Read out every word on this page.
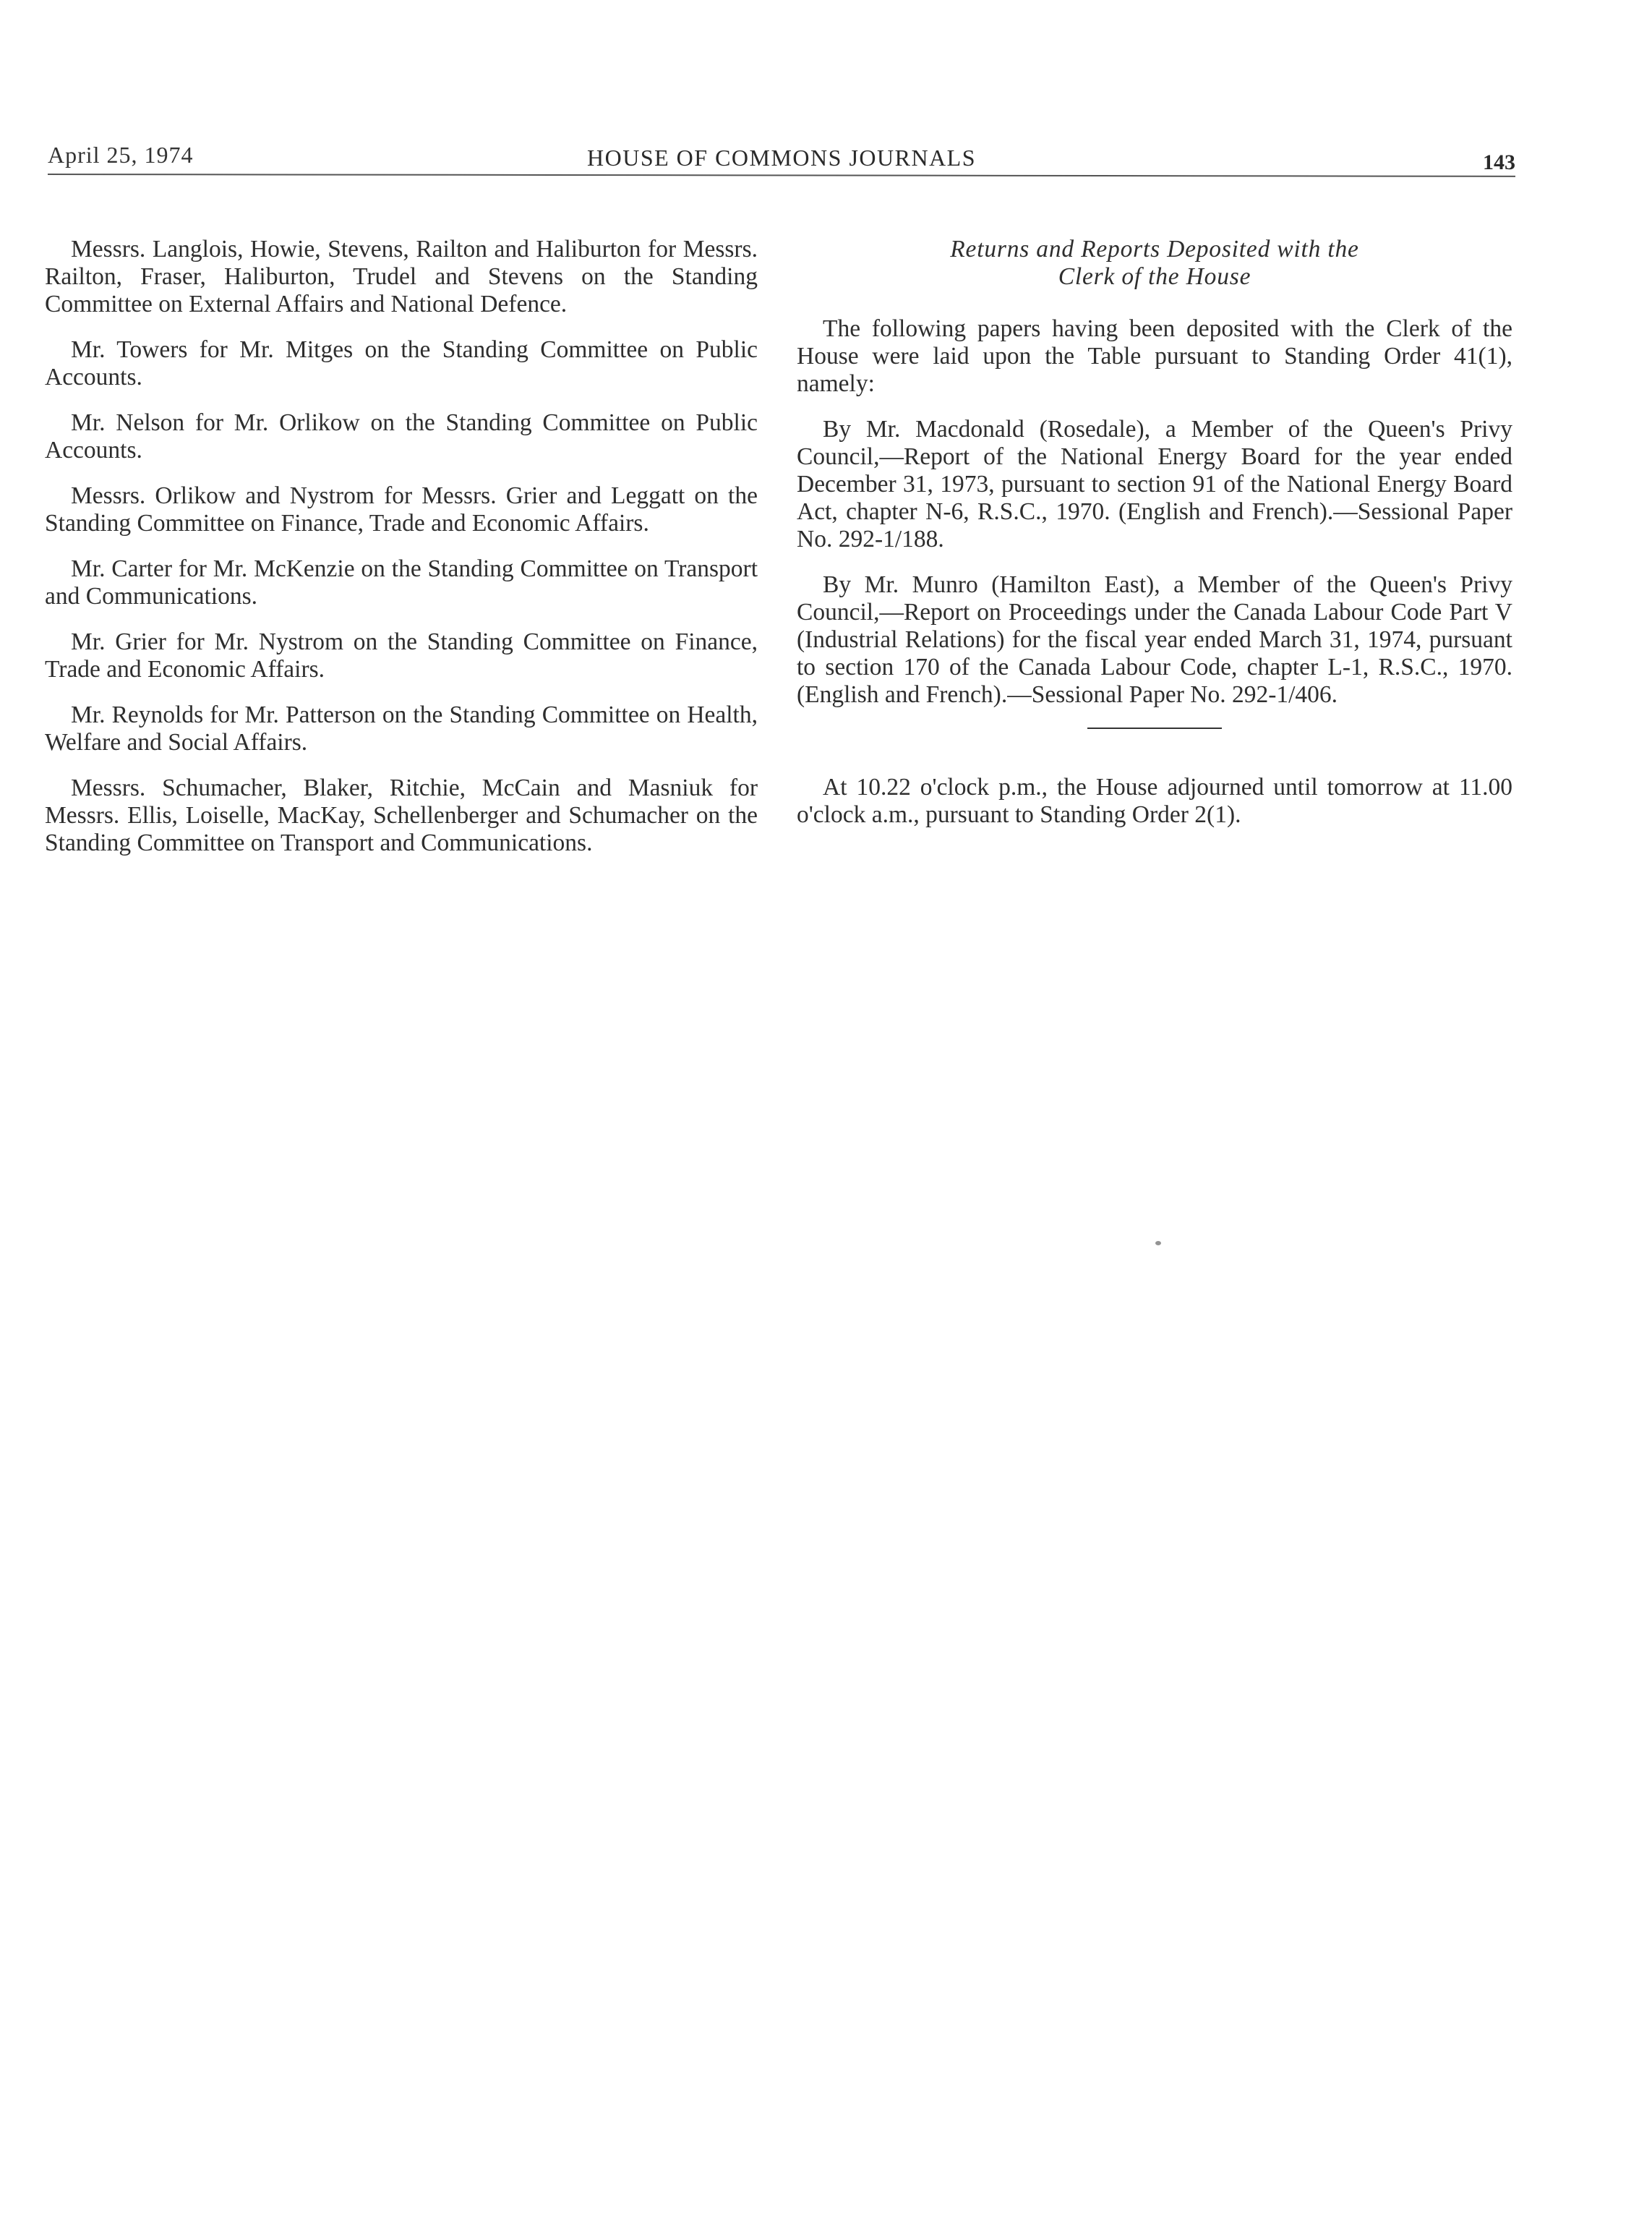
April 25, 1974	HOUSE OF COMMONS JOURNALS	143

Messrs. Langlois, Howie, Stevens, Railton and Haliburton for Messrs. Railton, Fraser, Haliburton, Trudel and Stevens on the Standing Committee on External Affairs and National Defence.

Mr. Towers for Mr. Mitges on the Standing Committee on Public Accounts.

Mr. Nelson for Mr. Orlikow on the Standing Committee on Public Accounts.

Messrs. Orlikow and Nystrom for Messrs. Grier and Leggatt on the Standing Committee on Finance, Trade and Economic Affairs.

Mr. Carter for Mr. McKenzie on the Standing Committee on Transport and Communications.

Mr. Grier for Mr. Nystrom on the Standing Committee on Finance, Trade and Economic Affairs.

Mr. Reynolds for Mr. Patterson on the Standing Committee on Health, Welfare and Social Affairs.

Messrs. Schumacher, Blaker, Ritchie, McCain and Masniuk for Messrs. Ellis, Loiselle, MacKay, Schellenberger and Schumacher on the Standing Committee on Transport and Communications.

Returns and Reports Deposited with the
Clerk of the House

The following papers having been deposited with the Clerk of the House were laid upon the Table pursuant to Standing Order 41(1), namely:

By Mr. Macdonald (Rosedale), a Member of the Queen's Privy Council,—Report of the National Energy Board for the year ended December 31, 1973, pursuant to section 91 of the National Energy Board Act, chapter N-6, R.S.C., 1970. (English and French).—Sessional Paper No. 292-1/188.

By Mr. Munro (Hamilton East), a Member of the Queen's Privy Council,—Report on Proceedings under the Canada Labour Code Part V (Industrial Relations) for the fiscal year ended March 31, 1974, pursuant to section 170 of the Canada Labour Code, chapter L-1, R.S.C., 1970. (English and French).—Sessional Paper No. 292-1/406.

At 10.22 o'clock p.m., the House adjourned until tomorrow at 11.00 o'clock a.m., pursuant to Standing Order 2(1).
